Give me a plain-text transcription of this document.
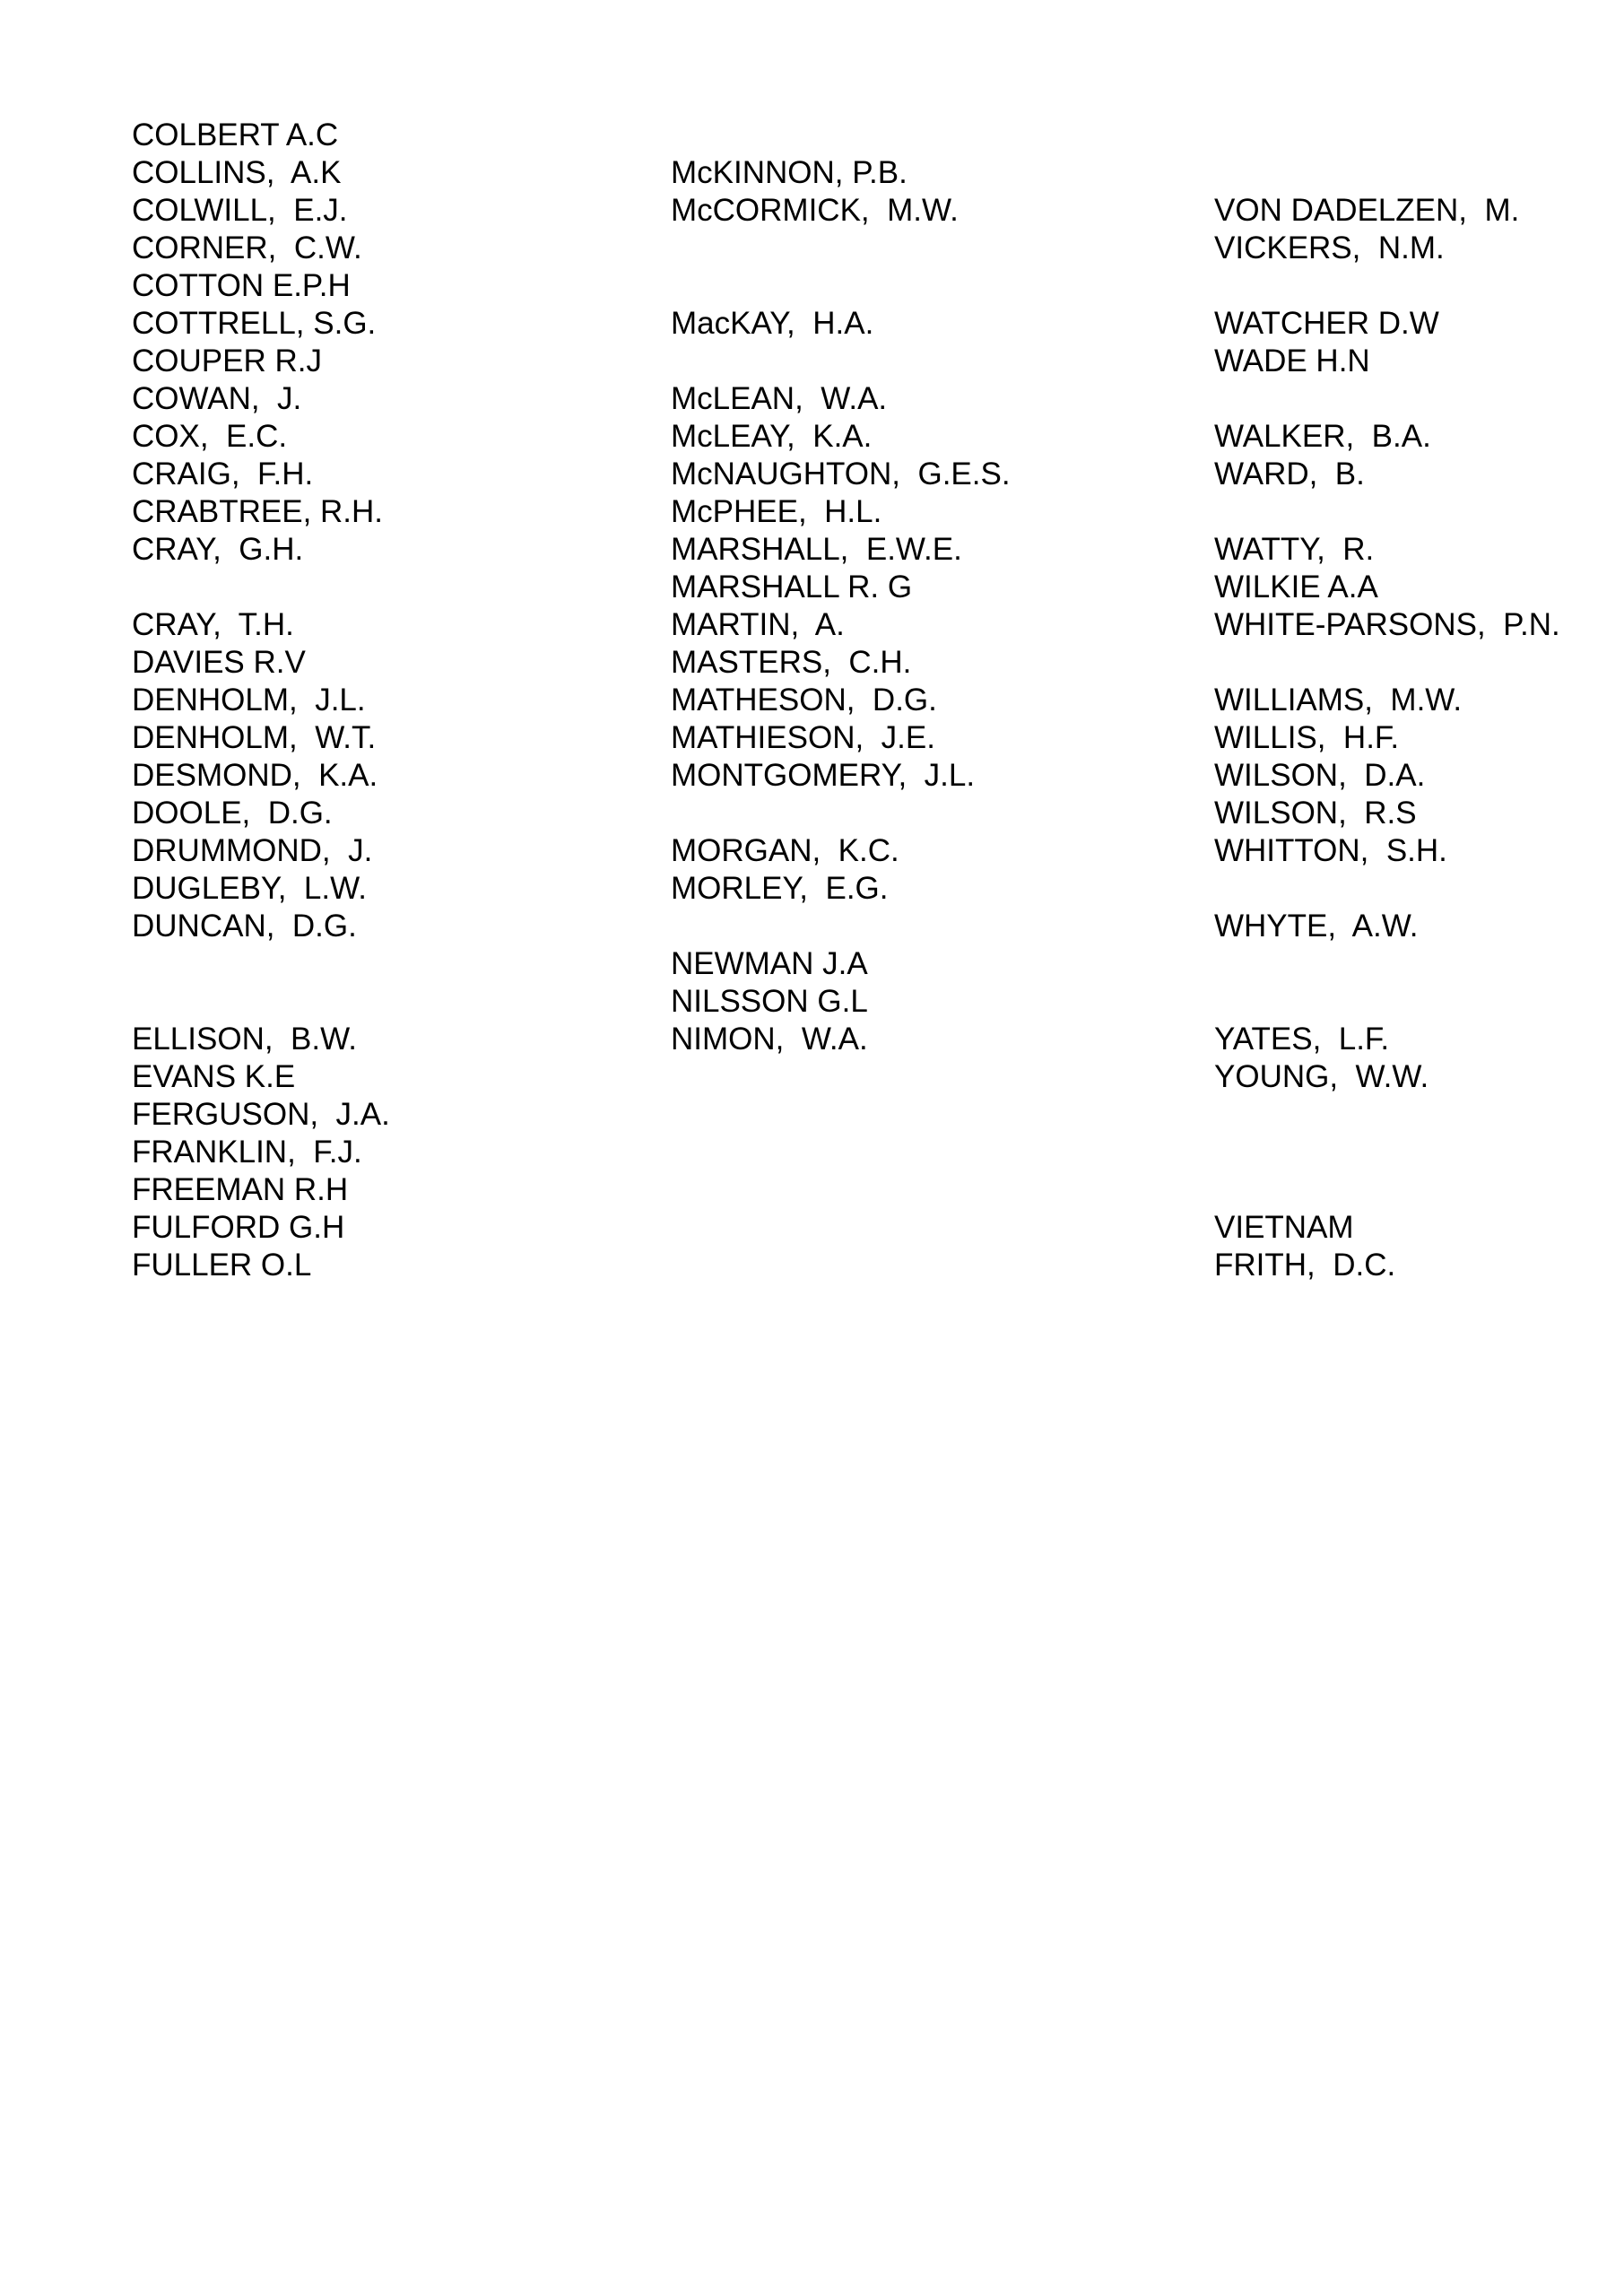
COLBERT A.C
COLLINS,  A.K
COLWILL,  E.J.
CORNER,  C.W.
COTTON E.P.H
COTTRELL, S.G.
COUPER R.J
COWAN,  J.
COX,  E.C.
CRAIG,  F.H.
CRABTREE, R.H.
CRAY,  G.H.
CRAY,  T.H.
DAVIES R.V
DENHOLM,  J.L.
DENHOLM,  W.T.
DESMOND,  K.A.
DOOLE,  D.G.
DRUMMOND,  J.
DUGLEBY,  L.W.
DUNCAN,  D.G.
ELLISON,  B.W.
EVANS K.E
FERGUSON,  J.A.
FRANKLIN,  F.J.
FREEMAN R.H
FULFORD G.H
FULLER O.L
McKINNON, P.B.
McCORMICK,  M.W.
MacKAY,  H.A.
McLEAN,  W.A.
McLEAY,  K.A.
McNAUGHTON,  G.E.S.
McPHEE,  H.L.
MARSHALL,  E.W.E.
MARSHALL R. G
MARTIN,  A.
MASTERS,  C.H.
MATHESON,  D.G.
MATHIESON,  J.E.
MONTGOMERY,  J.L.
MORGAN,  K.C.
MORLEY,  E.G.
NEWMAN J.A
NILSSON G.L
NIMON,  W.A.
VON DADELZEN,  M.
VICKERS,  N.M.
WATCHER D.W
WADE H.N
WALKER,  B.A.
WARD,  B.
WATTY,  R.
WILKIE A.A
WHITE-PARSONS,  P.N.
WILLIAMS,  M.W.
WILLIS,  H.F.
WILSON,  D.A.
WILSON,  R.S
WHITTON,  S.H.
WHYTE,  A.W.
YATES,  L.F.
YOUNG,  W.W.
VIETNAM
FRITH,  D.C.
